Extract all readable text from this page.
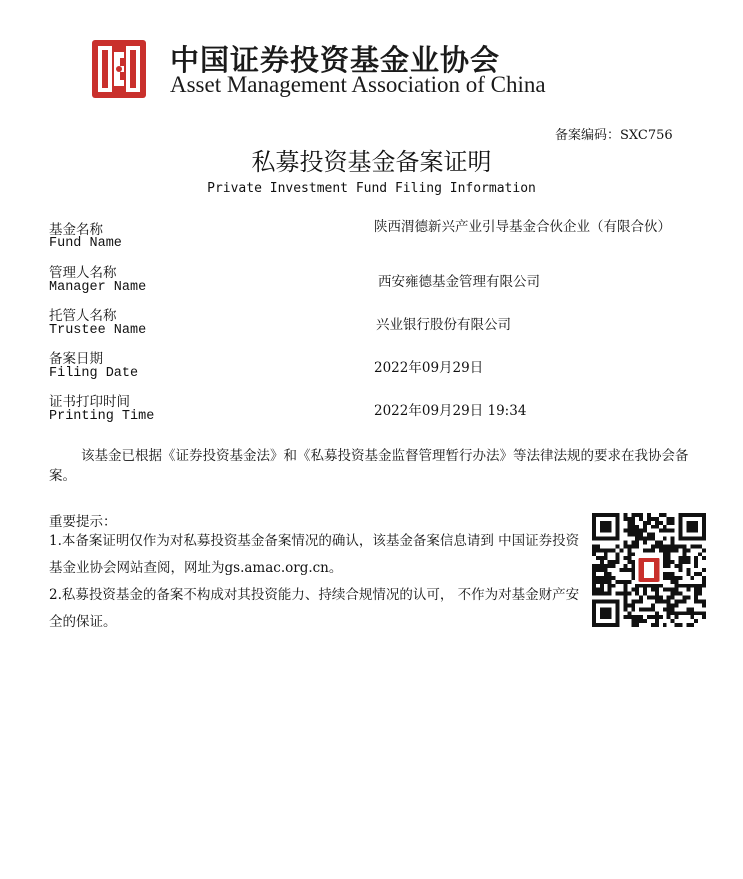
中国证券投资基金业协会
Asset Management Association of China
备案编码：SXC756
私募投资基金备案证明
Private Investment Fund Filing Information
基金名称
Fund Name
陕西渭德新兴产业引导基金合伙企业（有限合伙）
管理人名称
Manager Name	西安雍德基金管理有限公司
托管人名称
Trustee Name	兴业银行股份有限公司
备案日期
Filing Date	2022年09月29日
证书打印时间
Printing Time	2022年09月29日 19:34
该基金已根据《证券投资基金法》和《私募投资基金监督管理暂行办法》等法律法规的要求在我协会备案。
重要提示：

1.本备案证明仅作为对私募投资基金备案情况的确认，该基金备案信息请到 中国证券投资基金业协会网站查阅，网址为gs.amac.org.cn。

2.私募投资基金的备案不构成对其投资能力、持续合规情况的认可， 不作为对基金财产安全的保证。
